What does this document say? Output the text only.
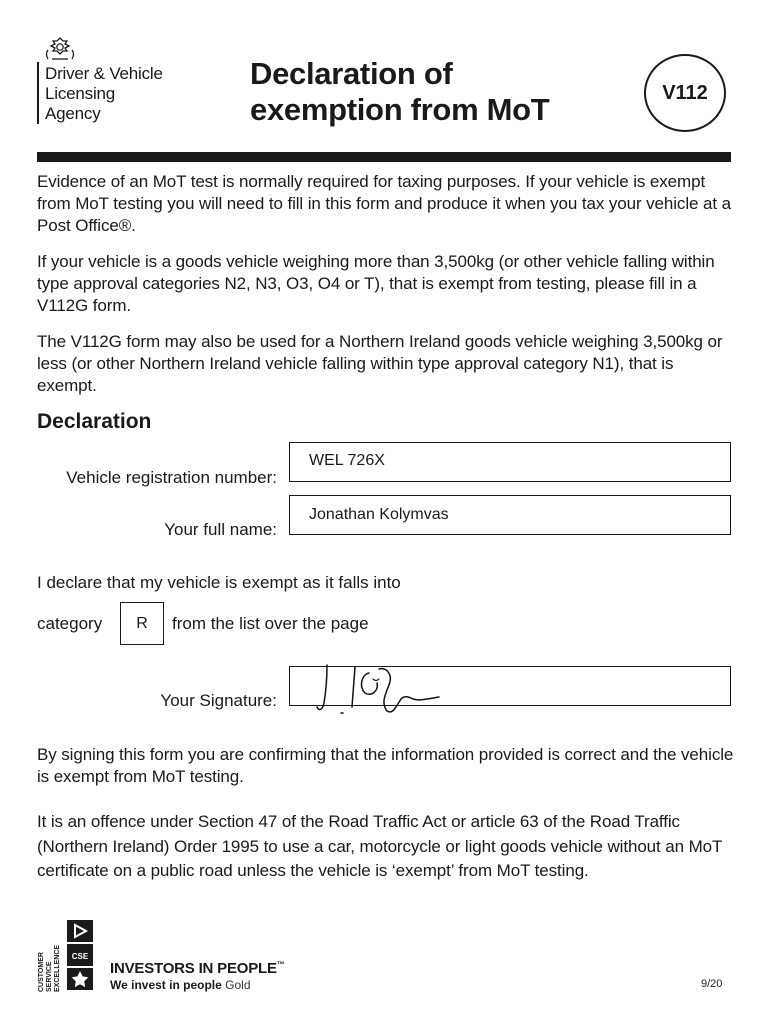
Driver & Vehicle
Licensing
Agency
Declaration of
exemption from MoT	V112
Evidence of an MoT test is normally required for taxing purposes. If your vehicle is exempt from MoT testing you will need to fill in this form and produce it when you tax your vehicle at a Post Office®.
If your vehicle is a goods vehicle weighing more than 3,500kg (or other vehicle falling within type approval categories N2, N3, O3, O4 or T), that is exempt from testing, please fill in a V112G form.
The V112G form may also be used for a Northern Ireland goods vehicle weighing 3,500kg or less (or other Northern Ireland vehicle falling within type approval category N1), that is exempt.
Declaration
Vehicle registration number:
WEL 726X
Your full name:
Jonathan Kolymvas
I declare that my vehicle is exempt as it falls into
category R from the list over the page
Your Signature:
By signing this form you are confirming that the information provided is correct and the vehicle is exempt from MoT testing.
It is an offence under Section 47 of the Road Traffic Act or article 63 of the Road Traffic (Northern Ireland) Order 1995 to use a car, motorcycle or light goods vehicle without an MoT certificate on a public road unless the vehicle is ‘exempt’ from MoT testing.
CUSTOMER SERVICE EXCELLENCE CSE
INVESTORS IN PEOPLE™
We invest in people Gold	9/20
